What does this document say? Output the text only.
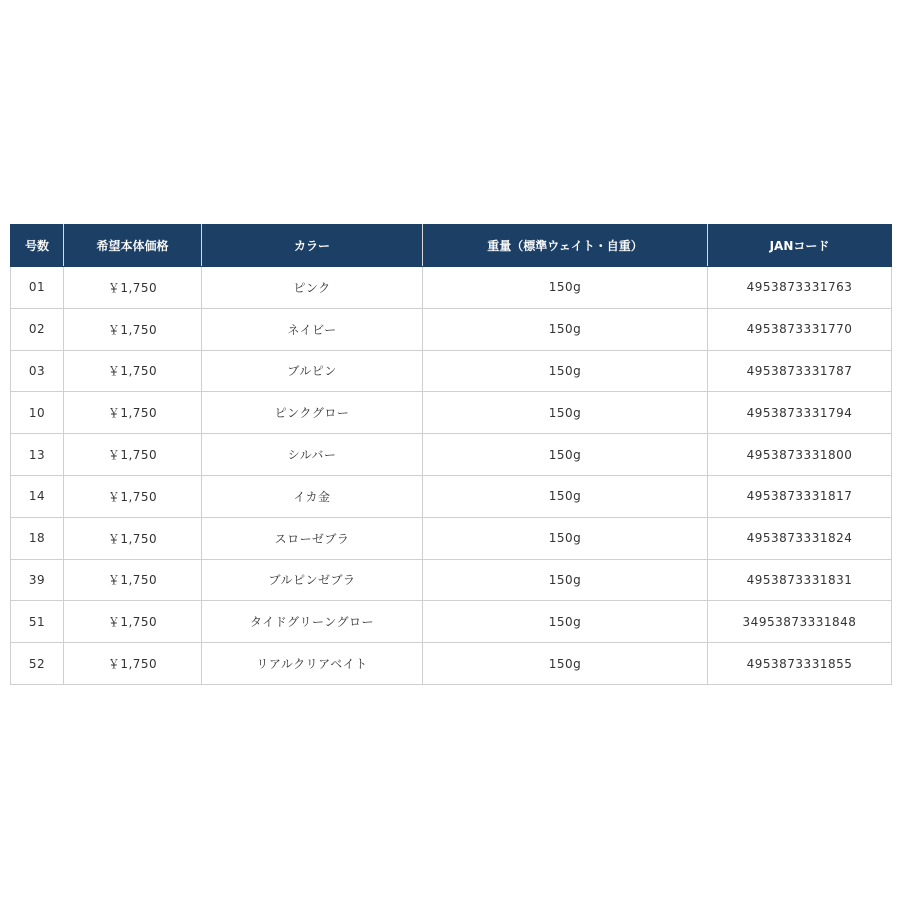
号数	希望本体価格	カラー	重量（標準ウェイト・自重）	JANコード
01	￥1,750	ピンク	150g	4953873331763
02	￥1,750	ネイビー	150g	4953873331770
03	￥1,750	ブルピン	150g	4953873331787
10	￥1,750	ピンクグロー	150g	4953873331794
13	￥1,750	シルバー	150g	4953873331800
14	￥1,750	イカ金	150g	4953873331817
18	￥1,750	スローゼブラ	150g	4953873331824
39	￥1,750	ブルピンゼブラ	150g	4953873331831
51	￥1,750	タイドグリーングロー	150g	34953873331848
52	￥1,750	リアルクリアベイト	150g	4953873331855
